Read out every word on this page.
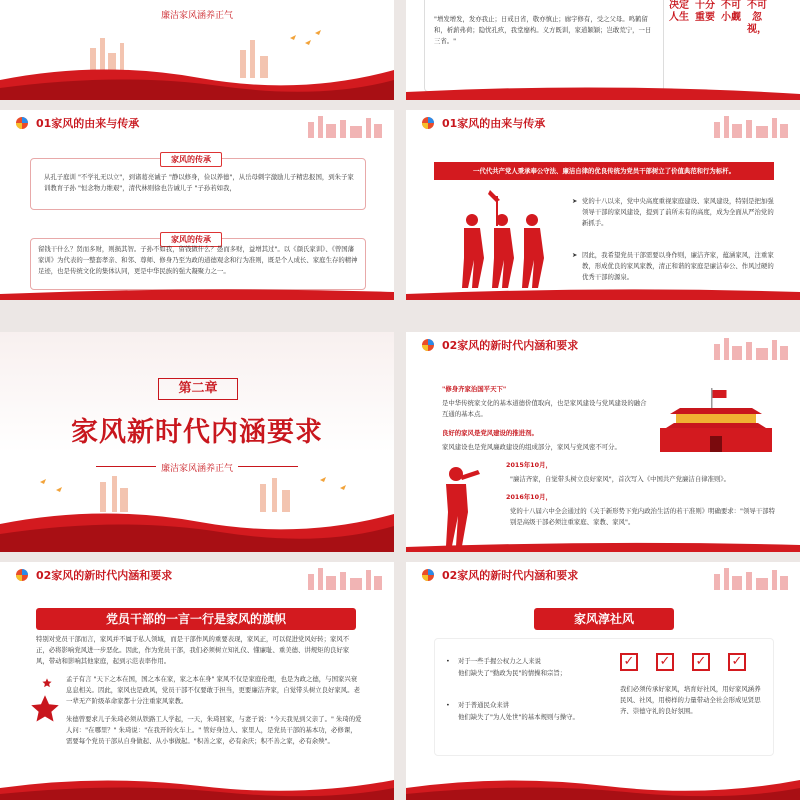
廉洁家风涵养正气	"增发增发，发亦我止；日戒日省，敬亦慎止；廊宇修有，受之父母。鸣鹤留和，析薪弗荷；隐忧孔疚，我堂靡构。义方既训，家道颖颖；岂敢荒宁，一日三省。"
决定人生
十分重要
不可小觑
不可忽视，
01家风的由来与传承
家风的传承
从孔子庭训 "不学礼无以立"，到诸葛亮诫子 "静以修身，俭以养德"，从岳母刺字激励儿子精忠报国，到朱子家训教育子孙 "恒念物力维艰"，清代林则徐也告诫儿子 "子孙若如我，
家风的传承
留钱干什么？贤而多财，则损其智。子孙不如我，留钱做什么？愚而多财，益增其过"。以《颜氏家训》、《曾国藩家训》为代表的一整套孝亲、和邻、尊师、修身乃至为政的道德观念和行为准则，既是个人成长、家庭生存的精神足迹，也是传统文化的集体认同，更是中华民族的强大凝聚力之一。
01家风的由来与传承
一代代共产党人秉承奉公守法、廉洁自律的优良传统为党员干部树立了价值典范和行为标杆。
➤ 党的十八以来，党中央高度重视家庭建设、家风建设，特别是把加强领导干部的家风建设，提到了前所未有的高度，成为全面从严治党的新抓手。
➤ 因此，我希望党员干部需要以身作则，廉洁齐家，蕴涵家风，注重家教，形成优良的家风家教，清正和谐的家庭是廉洁奉公、作风过硬的优秀干部的源泉。
第二章
家风新时代内涵要求
廉洁家风涵养正气
02家风的新时代内涵和要求
"修身齐家治国平天下"
是中华传统家文化的基本道德价值取向，也是家风建设与党风建设的融合互通的基本点。
良好的家风是党风建设的推进剂。
家风建设也是党风廉政建设的组成部分，家风与党风密不可分。
2015年10月，
"廉洁齐家，自觉带头树立良好家风"，首次写入《中国共产党廉洁自律准则》。
2016年10月，
党的十八届六中全会通过的《关于新形势下党内政治生活的若干准则》明确要求："领导干部特别是高级干部必须注重家庭、家教、家风"。
02家风的新时代内涵和要求
党员干部的一言一行是家风的旗帜
特别对党员干部而言，家风并不属于私人领域，而是干部作风的重要表现，家风正，可以促进党风好转；家风不正，必将影响党风进一步恶化。因此，作为党员干部，我们必须树立知礼仪、懂廉耻、重美德、讲规矩的良好家风，带动和影响其他家庭，起到示范表率作用。
孟子有言 "天下之本在国，国之本在家，家之本在身" 家风不仅是家庭伦理，也是为政之德，与国家兴衰息息相关。因此，家风也是政风，党员干部不仅要敢于担当，更要廉洁齐家，自觉带头树立良好家风。老一辈无产阶级革命家都十分注重家风家教。
朱德曾要求儿子朱琦必须从铁路工人学起，一天，朱琦回家，与妻子说："今天我见到父亲了。" 朱琦的爱人问："在哪里？" 朱琦说："在我开的火车上。" 管好身边人、家里人，是党员干部的基本功，必修课，需要每个党员干部从自身做起、从小事做起。"积善之家，必有余庆；积不善之家，必有余殃"。
02家风的新时代内涵和要求
家风淳社风
• 对于一些手握公权力之人来说
他们缺失了"勤政为民"的情操和宗旨；
• 对于普通民众来讲
他们缺失了"为人处世"的基本规则与操守。
✓ ✓ ✓ ✓
我们必须传承好家风，培育好社风，用好家风涵养民风、社风，用榜样的力量带动全社会形成见贤思齐、崇德守礼的良好氛围。
